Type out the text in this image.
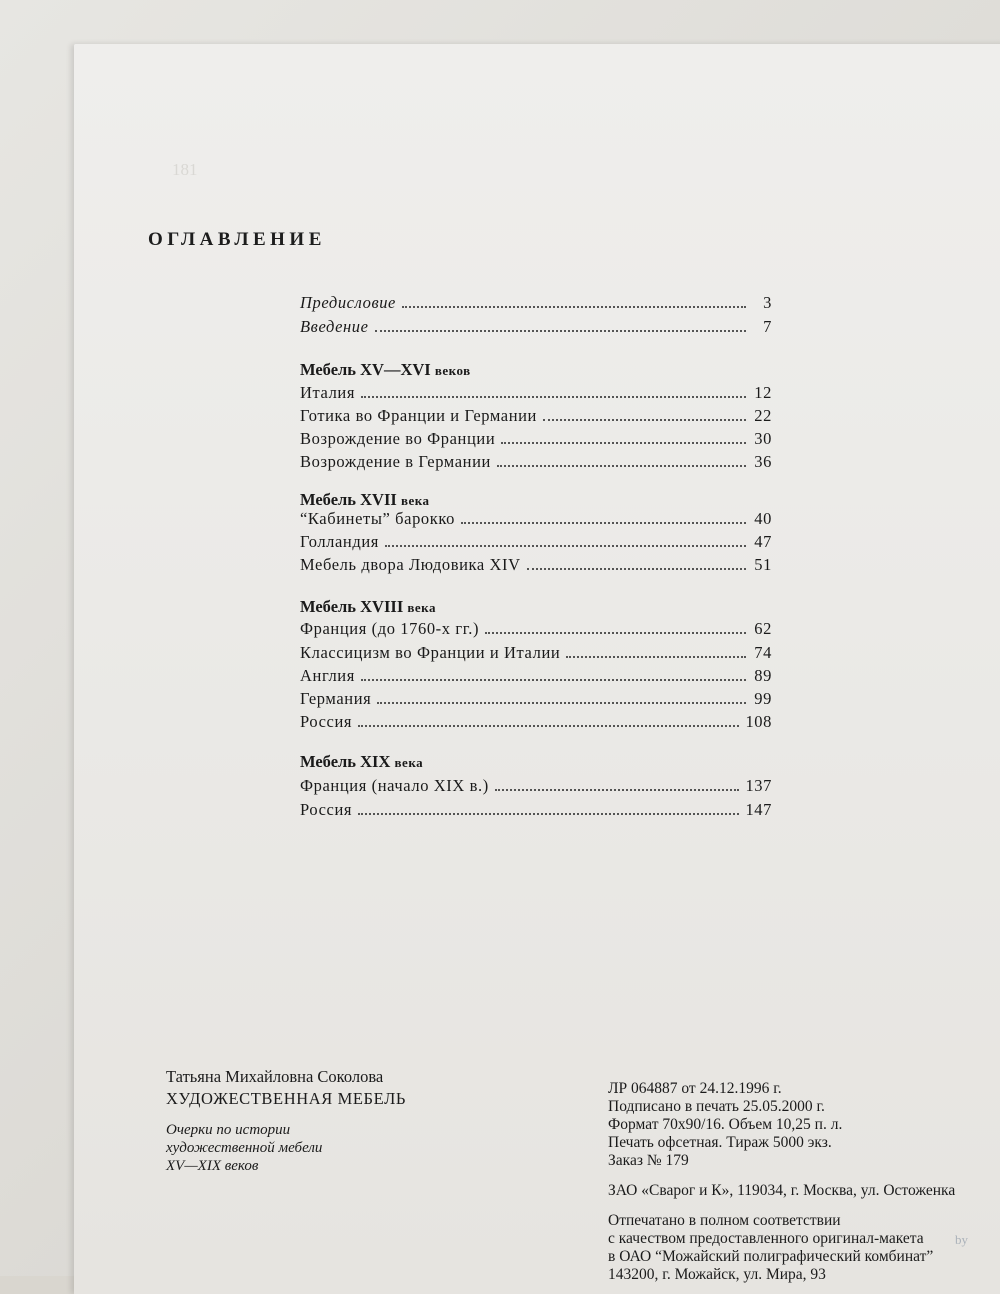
181
by
ОГЛАВЛЕНИЕ
Предисловие	3
Введение	7
Мебель XV—XVI веков
Италия	12
Готика во Франции и Германии	22
Возрождение во Франции	30
Возрождение в Германии	36
Мебель XVII века
“Кабинеты” барокко	40
Голландия	47
Мебель двора Людовика XIV	51
Мебель XVIII века
Франция (до 1760-х гг.)	62
Классицизм во Франции и Италии	74
Англия	89
Германия	99
Россия	108
Мебель XIX века
Франция (начало XIX в.)	137
Россия	147
Татьяна Михайловна Соколова
ХУДОЖЕСТВЕННАЯ МЕБЕЛЬ
Очерки по истории
художественной мебели
XV—XIX веков
ЛР 064887 от 24.12.1996 г.
Подписано в печать 25.05.2000 г.
Формат 70x90/16. Объем 10,25 п. л.
Печать офсетная. Тираж 5000 экз.
Заказ № 179
ЗАО «Сварог и К», 119034, г. Москва, ул. Остоженка
Отпечатано в полном соответствии
с качеством предоставленного оригинал-макета
в ОАО “Можайский полиграфический комбинат”
143200, г. Можайск, ул. Мира, 93
